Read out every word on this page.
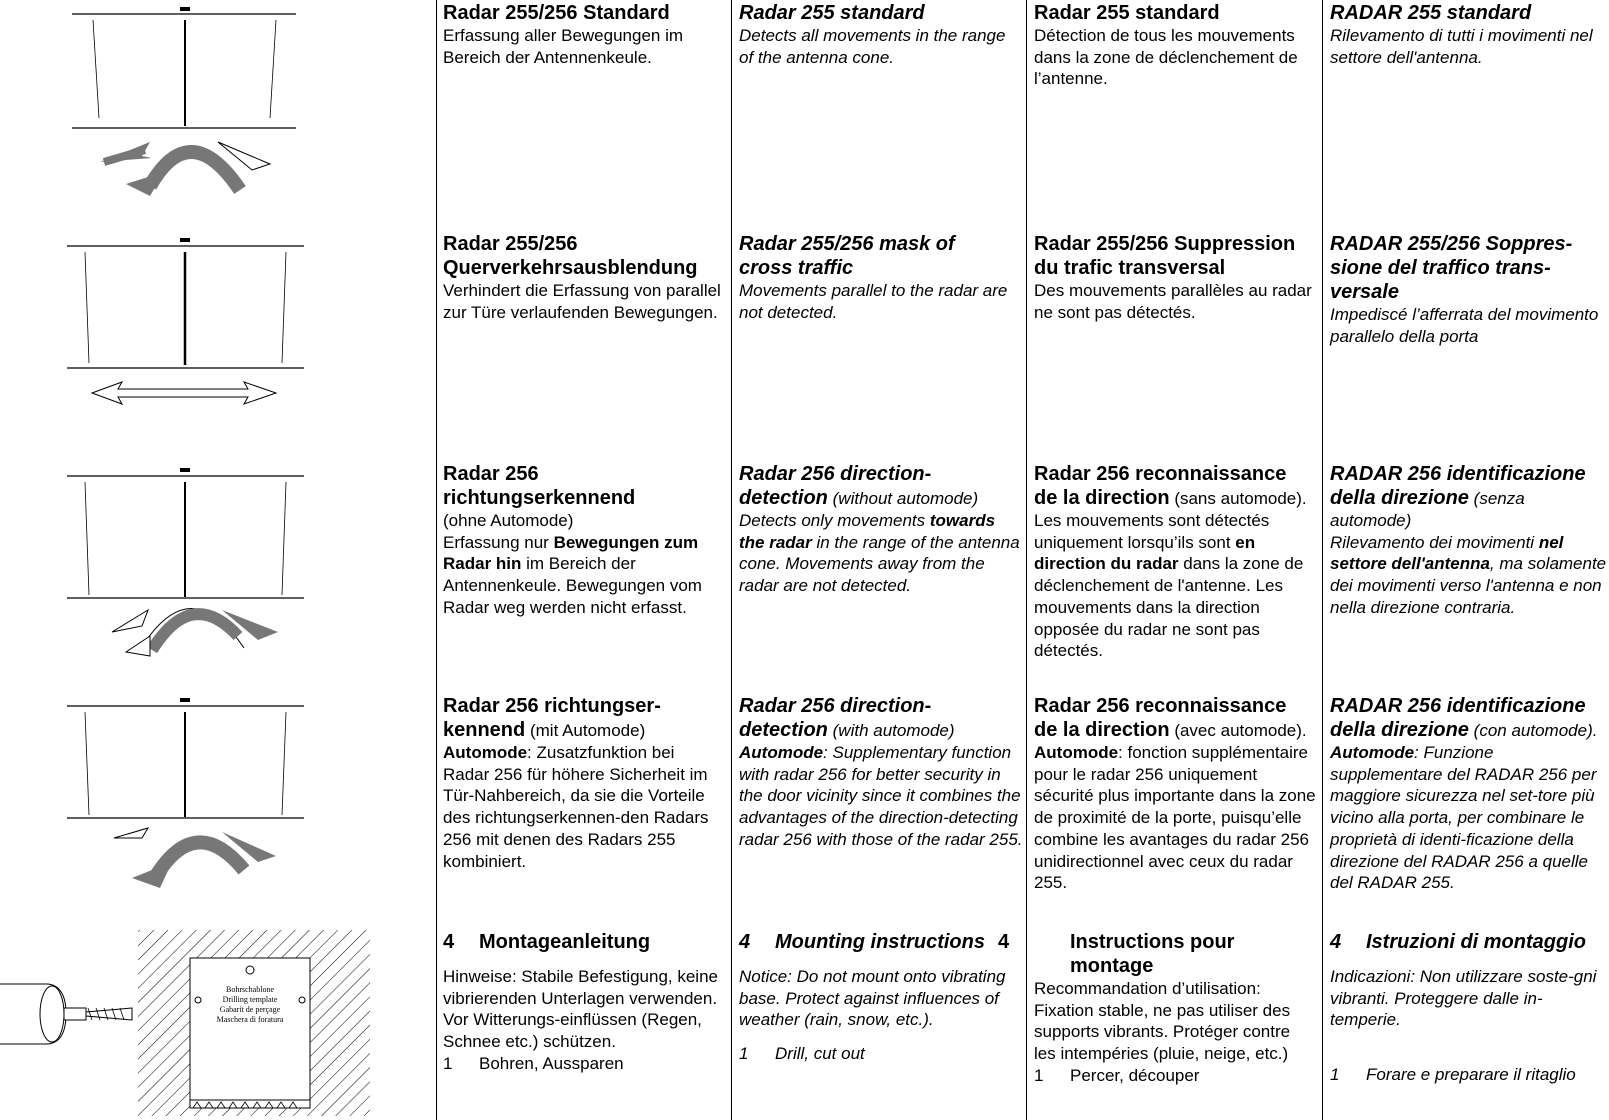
Bohrschablone
Drilling template
Gabarit de perçage
Maschera di foratura
Radar 255/256 Standard
Erfassung aller Bewegungen im Bereich der Antennenkeule.
Radar 255 standard
Detects all movements in the range of the antenna cone.
Radar 255 standard
Détection de tous les mouvements dans la zone de déclenchement de l’antenne.
RADAR 255 standard
Rilevamento di tutti i movimenti nel settore dell'antenna.
Radar 255/256
Querverkehrsausblendung
Verhindert die Erfassung von parallel zur Türe verlaufenden Bewegungen.
Radar 255/256 mask of
cross traffic
Movements parallel to the radar are not detected.
Radar 255/256 Suppression
du trafic transversal
Des mouvements parallèles au radar ne sont pas détectés.
RADAR 255/256 Soppres-
sione del traffico trans-
versale
Impediscé l’afferrata del movimento parallelo della porta
Radar 256
richtungserkennend
(ohne Automode)
Erfassung nur Bewegungen zum Radar hin im Bereich der Antennenkeule. Bewegungen vom Radar weg werden nicht erfasst.
Radar 256 direction-
detection (without automode)
Detects only movements towards the radar in the range of the antenna cone. Movements away from the radar are not detected.
Radar 256 reconnaissance
de la direction (sans automode). Les mouvements sont détectés uniquement lorsqu’ils sont en direction du radar dans la zone de déclenchement de l'antenne. Les mouvements dans la direction opposée du radar ne sont pas détectés.
RADAR 256 identificazione
della direzione (senza automode)
Rilevamento dei movimenti nel settore dell'antenna, ma solamente dei movimenti verso l'antenna e non nella direzione contraria.
Radar 256 richtungser-
kennend (mit Automode)
Automode: Zusatzfunktion bei Radar 256 für höhere Sicherheit im Tür-Nahbereich, da sie die Vorteile des richtungserkennen-den Radars 256 mit denen des Radars 255 kombiniert.
Radar 256 direction-
detection (with automode)
Automode: Supplementary function with radar 256 for better security in the door vicinity since it combines the advantages of the direction-detecting radar 256 with those of the radar 255.
Radar 256 reconnaissance
de la direction (avec automode). Automode: fonction supplémentaire pour le radar 256 uniquement sécurité plus importante dans la zone de proximité de la porte, puisqu’elle combine les avantages du radar 256 unidirectionnel avec ceux du radar 255.
RADAR 256 identificazione
della direzione (con automode). Automode: Funzione supplementare del RADAR 256 per maggiore sicurezza nel set-tore più vicino alla porta, per combinare le proprietà di identi-ficazione della direzione del RADAR 256 a quelle del RADAR 255.
4 Montageanleitung
Hinweise: Stabile Befestigung, keine vibrierenden Unterlagen verwenden. Vor Witterungs-einflüssen (Regen, Schnee etc.) schützen.
1 Bohren, Aussparen
4 Mounting instructions
Notice: Do not mount onto vibrating base. Protect against influences of weather (rain, snow, etc.).
1 Drill, cut out
4	Instructions pour montage
Recommandation d’utilisation: Fixation stable, ne pas utiliser des supports vibrants. Protéger contre les intempéries (pluie, neige, etc.)
1 Percer, découper
4 Istruzioni di montaggio
Indicazioni: Non utilizzare soste-gni vibranti. Proteggere dalle in-temperie.
1 Forare e preparare il ritaglio
